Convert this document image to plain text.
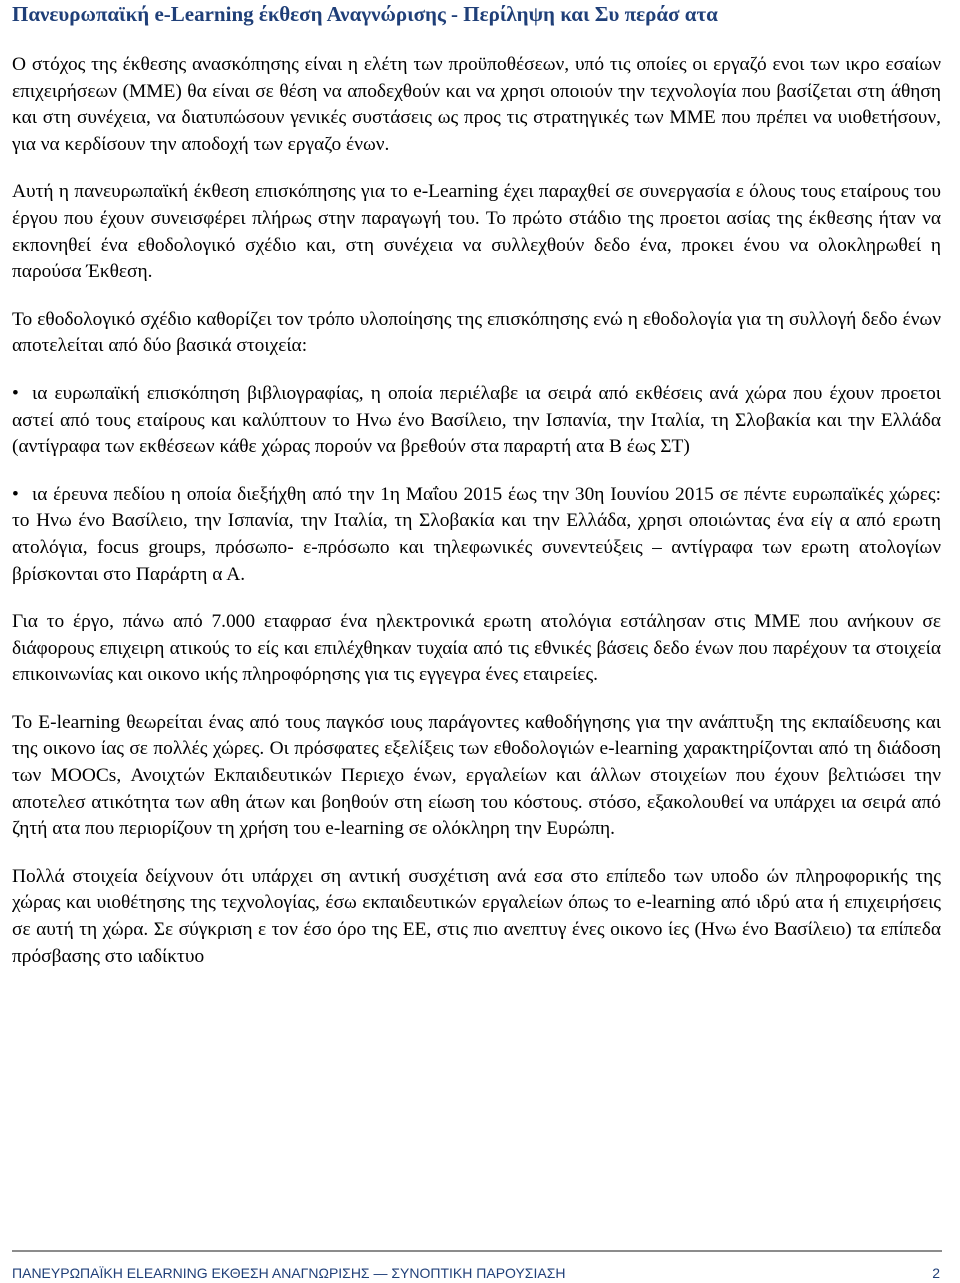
Πανευρωπαϊκή e-Learning έκθεση Αναγνώρισης - Περίληψη και Συ περάσ ατα

Ο στόχος της έκθεσης ανασκόπησης είναι η ελέτη των προϋποθέσεων, υπό τις οποίες οι εργαζό ενοι των ικρο εσαίων επιχειρήσεων (ΜΜΕ) θα είναι σε θέση να αποδεχθούν και να χρησι οποιούν την τεχνολογία που βασίζεται στη άθηση και στη συνέχεια, να διατυπώσουν γενικές συστάσεις ως προς τις στρατηγικές των ΜΜΕ που πρέπει να υιοθετήσουν, για να κερδίσουν την αποδοχή των εργαζο ένων.

Αυτή η πανευρωπαϊκή έκθεση επισκόπησης για το e-Learning έχει παραχθεί σε συνεργασία ε όλους τους εταίρους του έργου που έχουν συνεισφέρει πλήρως στην παραγωγή του. Το πρώτο στάδιο της προετοι ασίας της έκθεσης ήταν να εκπονηθεί ένα εθοδολογικό σχέδιο και, στη συνέχεια να συλλεχθούν δεδο ένα, προκει ένου να ολοκληρωθεί η παρούσα Έκθεση.

Το εθοδολογικό σχέδιο καθορίζει τον τρόπο υλοποίησης της επισκόπησης ενώ η εθοδολογία για τη συλλογή δεδο ένων αποτελείται από δύο βασικά στοιχεία:

• ια ευρωπαϊκή επισκόπηση βιβλιογραφίας, η οποία περιέλαβε ια σειρά από εκθέσεις ανά χώρα που έχουν προετοι αστεί από τους εταίρους και καλύπτουν το Ηνω ένο Βασίλειο, την Ισπανία, την Ιταλία, τη Σλοβακία και την Ελλάδα (αντίγραφα των εκθέσεων κάθε χώρας πορούν να βρεθούν στα παραρτή ατα Β έως ΣΤ)
• ια έρευνα πεδίου η οποία διεξήχθη από την 1η Μαΐου 2015 έως την 30η Ιουνίου 2015 σε πέντε ευρωπαϊκές χώρες: το Ηνω ένο Βασίλειο, την Ισπανία, την Ιταλία, τη Σλοβακία και την Ελλάδα, χρησι οποιώντας ένα είγ α από ερωτη ατολόγια, focus groups, πρόσωπο- ε-πρόσωπο και τηλεφωνικές συνεντεύξεις – αντίγραφα των ερωτη ατολογίων βρίσκονται στο Παράρτη α Α.

Για το έργο, πάνω από 7.000 εταφρασ ένα ηλεκτρονικά ερωτη ατολόγια εστάλησαν στις ΜΜΕ που ανήκουν σε διάφορους επιχειρη ατικούς το είς και επιλέχθηκαν τυχαία από τις εθνικές βάσεις δεδο ένων που παρέχουν τα στοιχεία επικοινωνίας και οικονο ικής πληροφόρησης για τις εγγεγρα ένες εταιρείες.

Το E-learning θεωρείται ένας από τους παγκόσ ιους παράγοντες καθοδήγησης για την ανάπτυξη της εκπαίδευσης και της οικονο ίας σε πολλές χώρες. Οι πρόσφατες εξελίξεις των εθοδολογιών e-learning χαρακτηρίζονται από τη διάδοση των MOOCs, Ανοιχτών Εκπαιδευτικών Περιεχο ένων, εργαλείων και άλλων στοιχείων που έχουν βελτιώσει την αποτελεσ ατικότητα των αθη άτων και βοηθούν στη είωση του κόστους. στόσο, εξακολουθεί να υπάρχει ια σειρά από ζητή ατα που περιορίζουν τη χρήση του e-learning σε ολόκληρη την Ευρώπη.

Πολλά στοιχεία δείχνουν ότι υπάρχει ση αντική συσχέτιση ανά εσα στο επίπεδο των υποδο ών πληροφορικής της χώρας και υιοθέτησης της τεχνολογίας, έσω εκπαιδευτικών εργαλείων όπως το e-learning από ιδρύ ατα ή επιχειρήσεις σε αυτή τη χώρα. Σε σύγκριση ε τον έσο όρο της ΕΕ, στις πιο ανεπτυγ ένες οικονο ίες (Ηνω ένο Βασίλειο) τα επίπεδα πρόσβασης στο ιαδίκτυο

ΠΑΝΕΥΡΩΠΑΪΚΗ ELEARNING ΕΚΘΕΣΗ ΑΝΑΓΝΩΡΙΣΗΣ — ΣΥΝΟΠΤΙΚΗ ΠΑΡΟΥΣΙΑΣΗ	2
